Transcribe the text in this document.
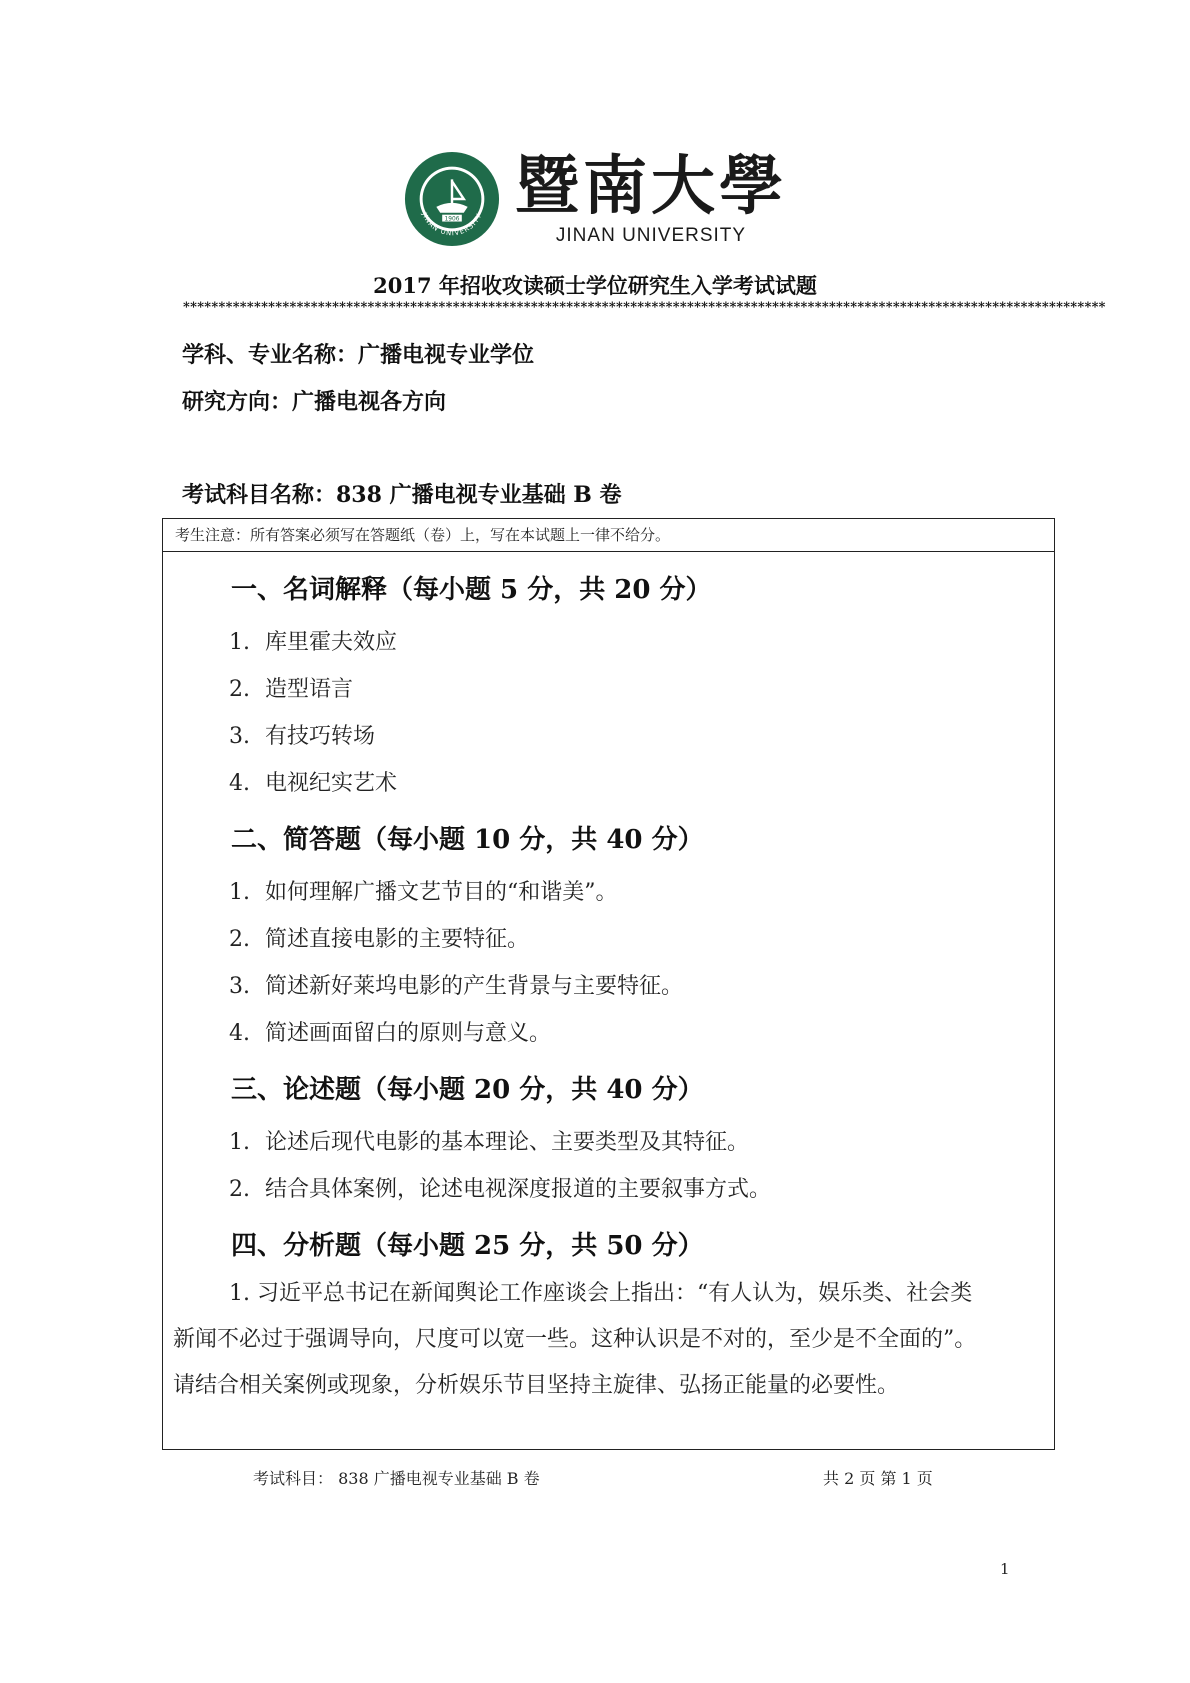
1906
JINAN UNIVERSITY 暨南大學
JINAN UNIVERSITY
2017 年招收攻读硕士学位研究生入学考试试题
**********************************************************************************************************************************
学科、专业名称：广播电视专业学位
研究方向：广播电视各方向
考试科目名称：838 广播电视专业基础 B 卷
考生注意：所有答案必须写在答题纸（卷）上，写在本试题上一律不给分。
一、名词解释（每小题 5 分，共 20 分）
1. 库里霍夫效应
2. 造型语言
3. 有技巧转场
4. 电视纪实艺术
二、简答题（每小题 10 分，共 40 分）
1. 如何理解广播文艺节目的“和谐美”。
2. 简述直接电影的主要特征。
3. 简述新好莱坞电影的产生背景与主要特征。
4. 简述画面留白的原则与意义。
三、论述题（每小题 20 分，共 40 分）
1. 论述后现代电影的基本理论、主要类型及其特征。
2. 结合具体案例，论述电视深度报道的主要叙事方式。
四、分析题（每小题 25 分，共 50 分）
1. 习近平总书记在新闻舆论工作座谈会上指出：“有人认为，娱乐类、社会类
新闻不必过于强调导向，尺度可以宽一些。这种认识是不对的，至少是不全面的”。
请结合相关案例或现象，分析娱乐节目坚持主旋律、弘扬正能量的必要性。
考试科目： 838 广播电视专业基础 B 卷	共 2 页 第 1 页
1
